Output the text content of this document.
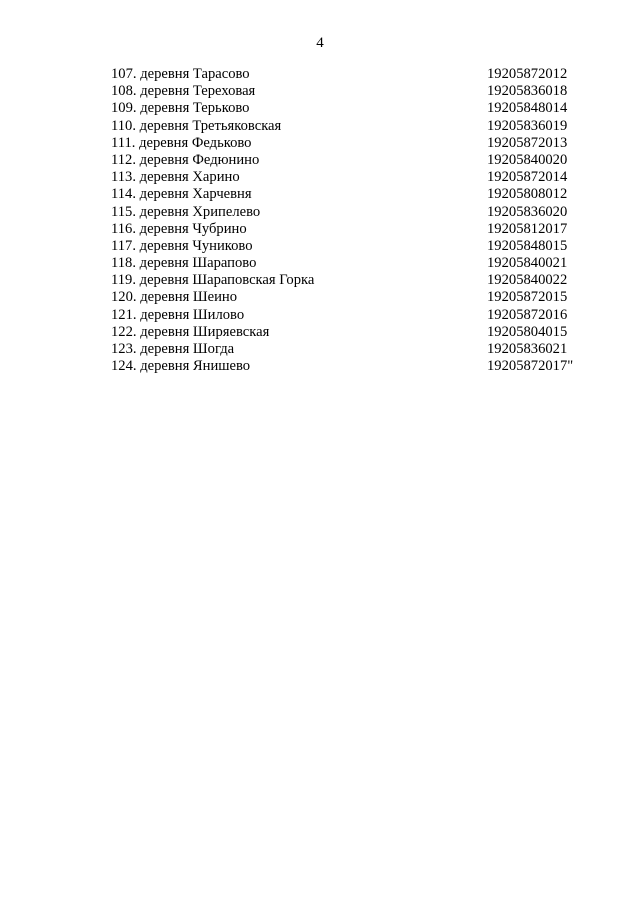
4
107. деревня Тарасово	19205872012
108. деревня Тереховая	19205836018
109. деревня Терьково	19205848014
110. деревня Третьяковская	19205836019
111. деревня Федьково	19205872013
112. деревня Федюнино	19205840020
113. деревня Харино	19205872014
114. деревня Харчевня	19205808012
115. деревня Хрипелево	19205836020
116. деревня Чубрино	19205812017
117. деревня Чуниково	19205848015
118. деревня Шарапово	19205840021
119. деревня Шараповская Горка	19205840022
120. деревня Шеино	19205872015
121. деревня Шилово	19205872016
122. деревня Ширяевская	19205804015
123. деревня Шогда	19205836021
124. деревня Янишево	19205872017"
